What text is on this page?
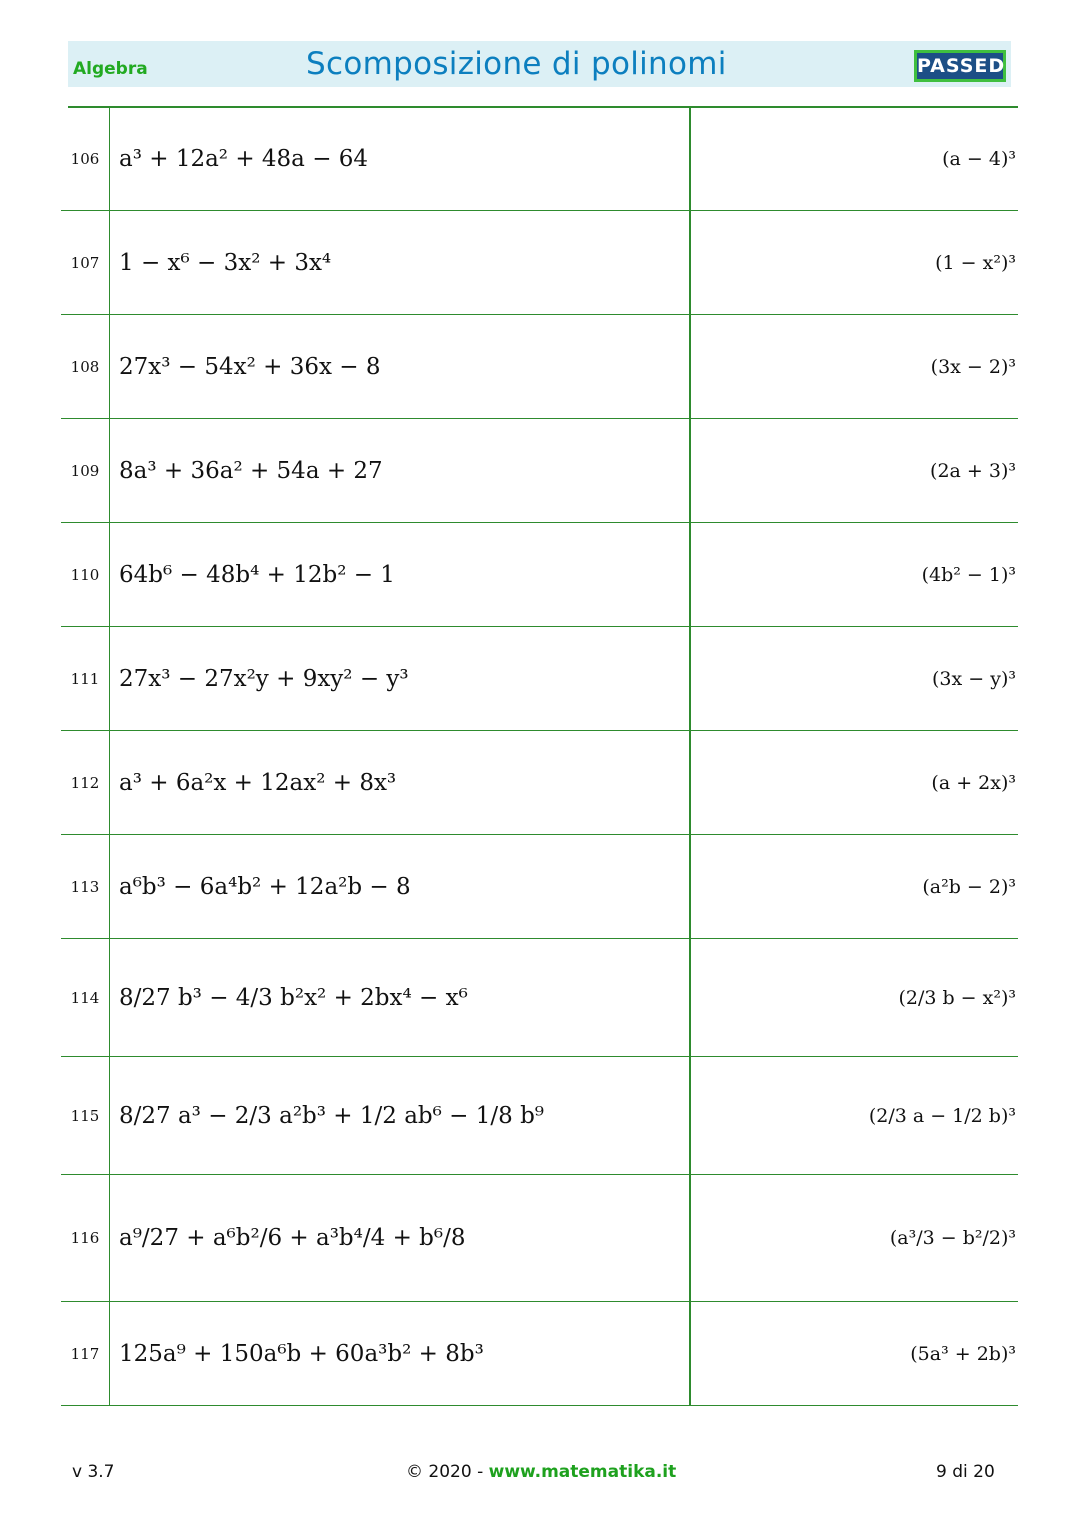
Algebra	Scomposizione di polinomi	PASSED
106 a³ + 12a² + 48a − 64	(a − 4)³
107 1 − x⁶ − 3x² + 3x⁴	(1 − x²)³
108 27x³ − 54x² + 36x − 8	(3x − 2)³
109 8a³ + 36a² + 54a + 27	(2a + 3)³
110 64b⁶ − 48b⁴ + 12b² − 1	(4b² − 1)³
111 27x³ − 27x²y + 9xy² − y³	(3x − y)³
112 a³ + 6a²x + 12ax² + 8x³	(a + 2x)³
113 a⁶b³ − 6a⁴b² + 12a²b − 8	(a²b − 2)³
114 8/27 b³ − 4/3 b²x² + 2bx⁴ − x⁶	(2/3 b − x²)³
115 8/27 a³ − 2/3 a²b³ + 1/2 ab⁶ − 1/8 b⁹	(2/3 a − 1/2 b)³
116 a⁹/27 + a⁶b²/6 + a³b⁴/4 + b⁶/8	(a³/3 − b²/2)³
117 125a⁹ + 150a⁶b + 60a³b² + 8b³	(5a³ + 2b)³
v 3.7	© 2020 - www.matematika.it	9 di 20
